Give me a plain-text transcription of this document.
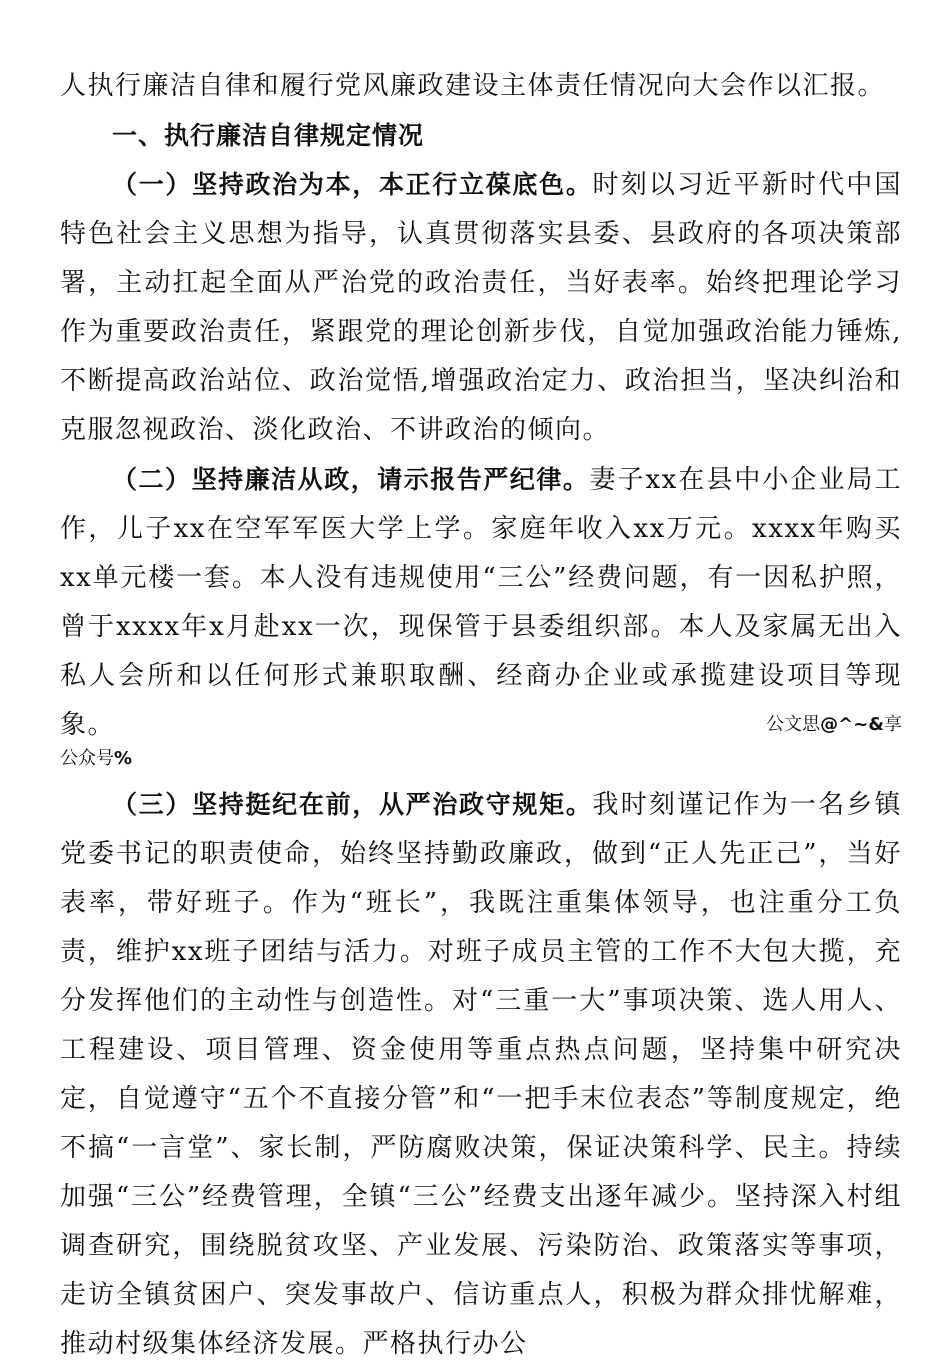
人执行廉洁自律和履行党风廉政建设主体责任情况向大会作以汇报。

一、执行廉洁自律规定情况

（一）坚持政治为本，本正行立葆底色。时刻以习近平新时代中国特色社会主义思想为指导，认真贯彻落实县委、县政府的各项决策部署，主动扛起全面从严治党的政治责任，当好表率。始终把理论学习作为重要政治责任，紧跟党的理论创新步伐，自觉加强政治能力锤炼,不断提高政治站位、政治觉悟,增强政治定力、政治担当，坚决纠治和克服忽视政治、淡化政治、不讲政治的倾向。

（二）坚持廉洁从政，请示报告严纪律。妻子xx在县中小企业局工作，儿子xx在空军军医大学上学。家庭年收入xx万元。xxxx年购买xx单元楼一套。本人没有违规使用“三公”经费问题，有一因私护照，曾于xxxx年x月赴xx一次，现保管于县委组织部。本人及家属无出入私人会所和以任何形式兼职取酬、经商办企业或承揽建设项目等现象。	公文思@^~&享
公众号%

（三）坚持挺纪在前，从严治政守规矩。我时刻谨记作为一名乡镇党委书记的职责使命，始终坚持勤政廉政，做到“正人先正己”，当好表率，带好班子。作为“班长”，我既注重集体领导，也注重分工负责，维护xx班子团结与活力。对班子成员主管的工作不大包大揽，充分发挥他们的主动性与创造性。对“三重一大”事项决策、选人用人、工程建设、项目管理、资金使用等重点热点问题，坚持集中研究决定，自觉遵守“五个不直接分管”和“一把手末位表态”等制度规定，绝不搞“一言堂”、家长制，严防腐败决策，保证决策科学、民主。持续加强“三公”经费管理，全镇“三公”经费支出逐年减少。坚持深入村组调查研究，围绕脱贫攻坚、产业发展、污染防治、政策落实等事项，走访全镇贫困户、突发事故户、信访重点人，积极为群众排忧解难，推动村级集体经济发展。严格执行办公
